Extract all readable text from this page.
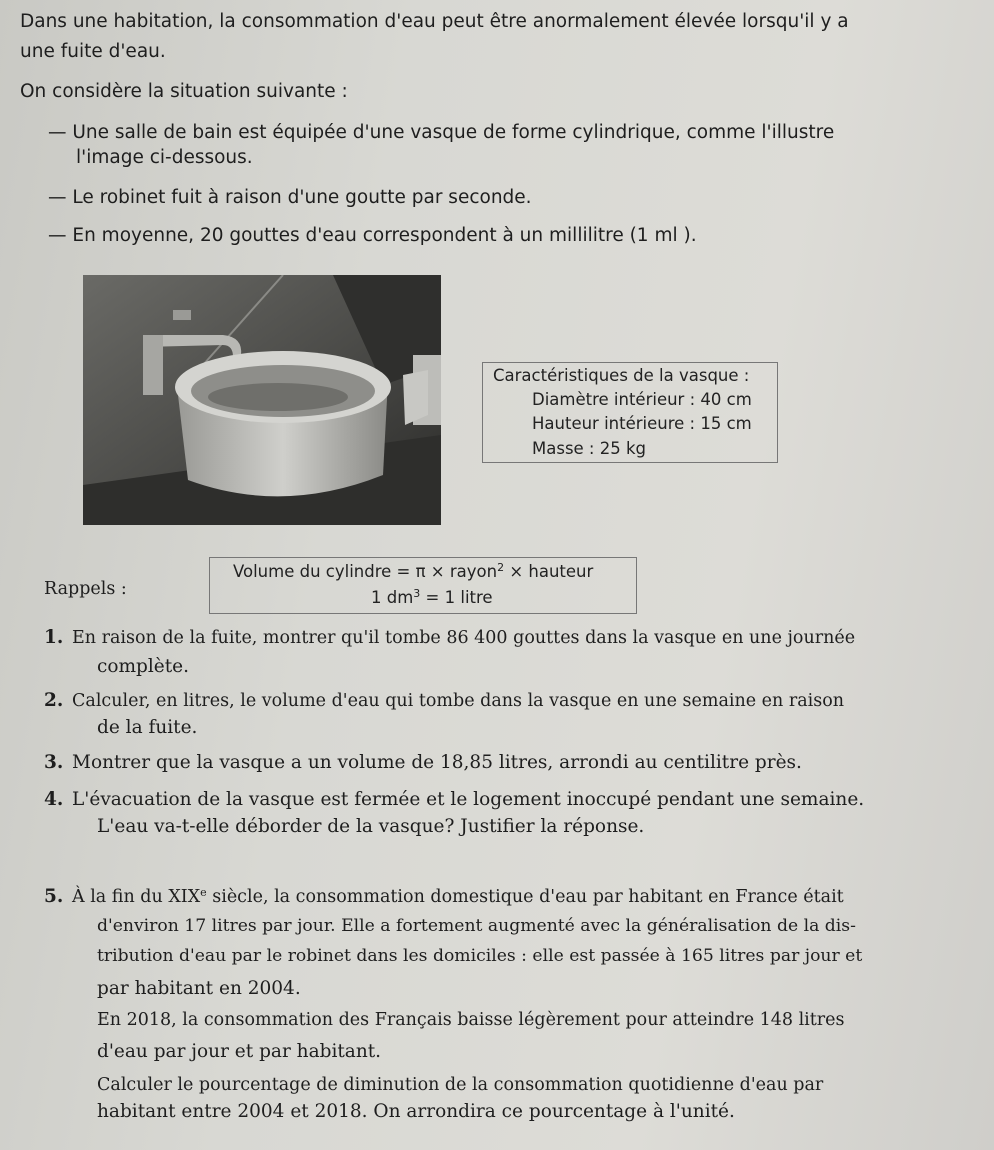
Dans une habitation, la consommation d'eau peut être anormalement élevée lorsqu'il y a
une fuite d'eau.
On considère la situation suivante :
— Une salle de bain est équipée d'une vasque de forme cylindrique, comme l'illustre
l'image ci-dessous.
— Le robinet fuit à raison d'une goutte par seconde.
— En moyenne, 20 gouttes d'eau correspondent à un millilitre (1 ml ).
Caractéristiques de la vasque :
Diamètre intérieur : 40 cm
Hauteur intérieure : 15 cm
Masse : 25 kg
Rappels :
Volume du cylindre = π × rayon$^2$ × hauteur
1 $dm^3 = 1$ litre
1. En raison de la fuite, montrer qu'il tombe 86 400 gouttes dans la vasque en une journée
complète.
2. Calculer, en litres, le volume d'eau qui tombe dans la vasque en une semaine en raison
de la fuite.
3. Montrer que la vasque a un volume de 18,85 litres, arrondi au centilitre près.
4. L'évacuation de la vasque est fermée et le logement inoccupé pendant une semaine.
L'eau va-t-elle déborder de la vasque? Justifier la réponse.
5. À la fin du XIXe siècle, la consommation domestique d'eau par habitant en France était
d'environ 17 litres par jour. Elle a fortement augmenté avec la généralisation de la dis-
tribution d'eau par le robinet dans les domiciles : elle est passée à 165 litres par jour et
par habitant en 2004.
En 2018, la consommation des Français baisse légèrement pour atteindre 148 litres
d'eau par jour et par habitant.
Calculer le pourcentage de diminution de la consommation quotidienne d'eau par
habitant entre 2004 et 2018. On arrondira ce pourcentage à l'unité.
